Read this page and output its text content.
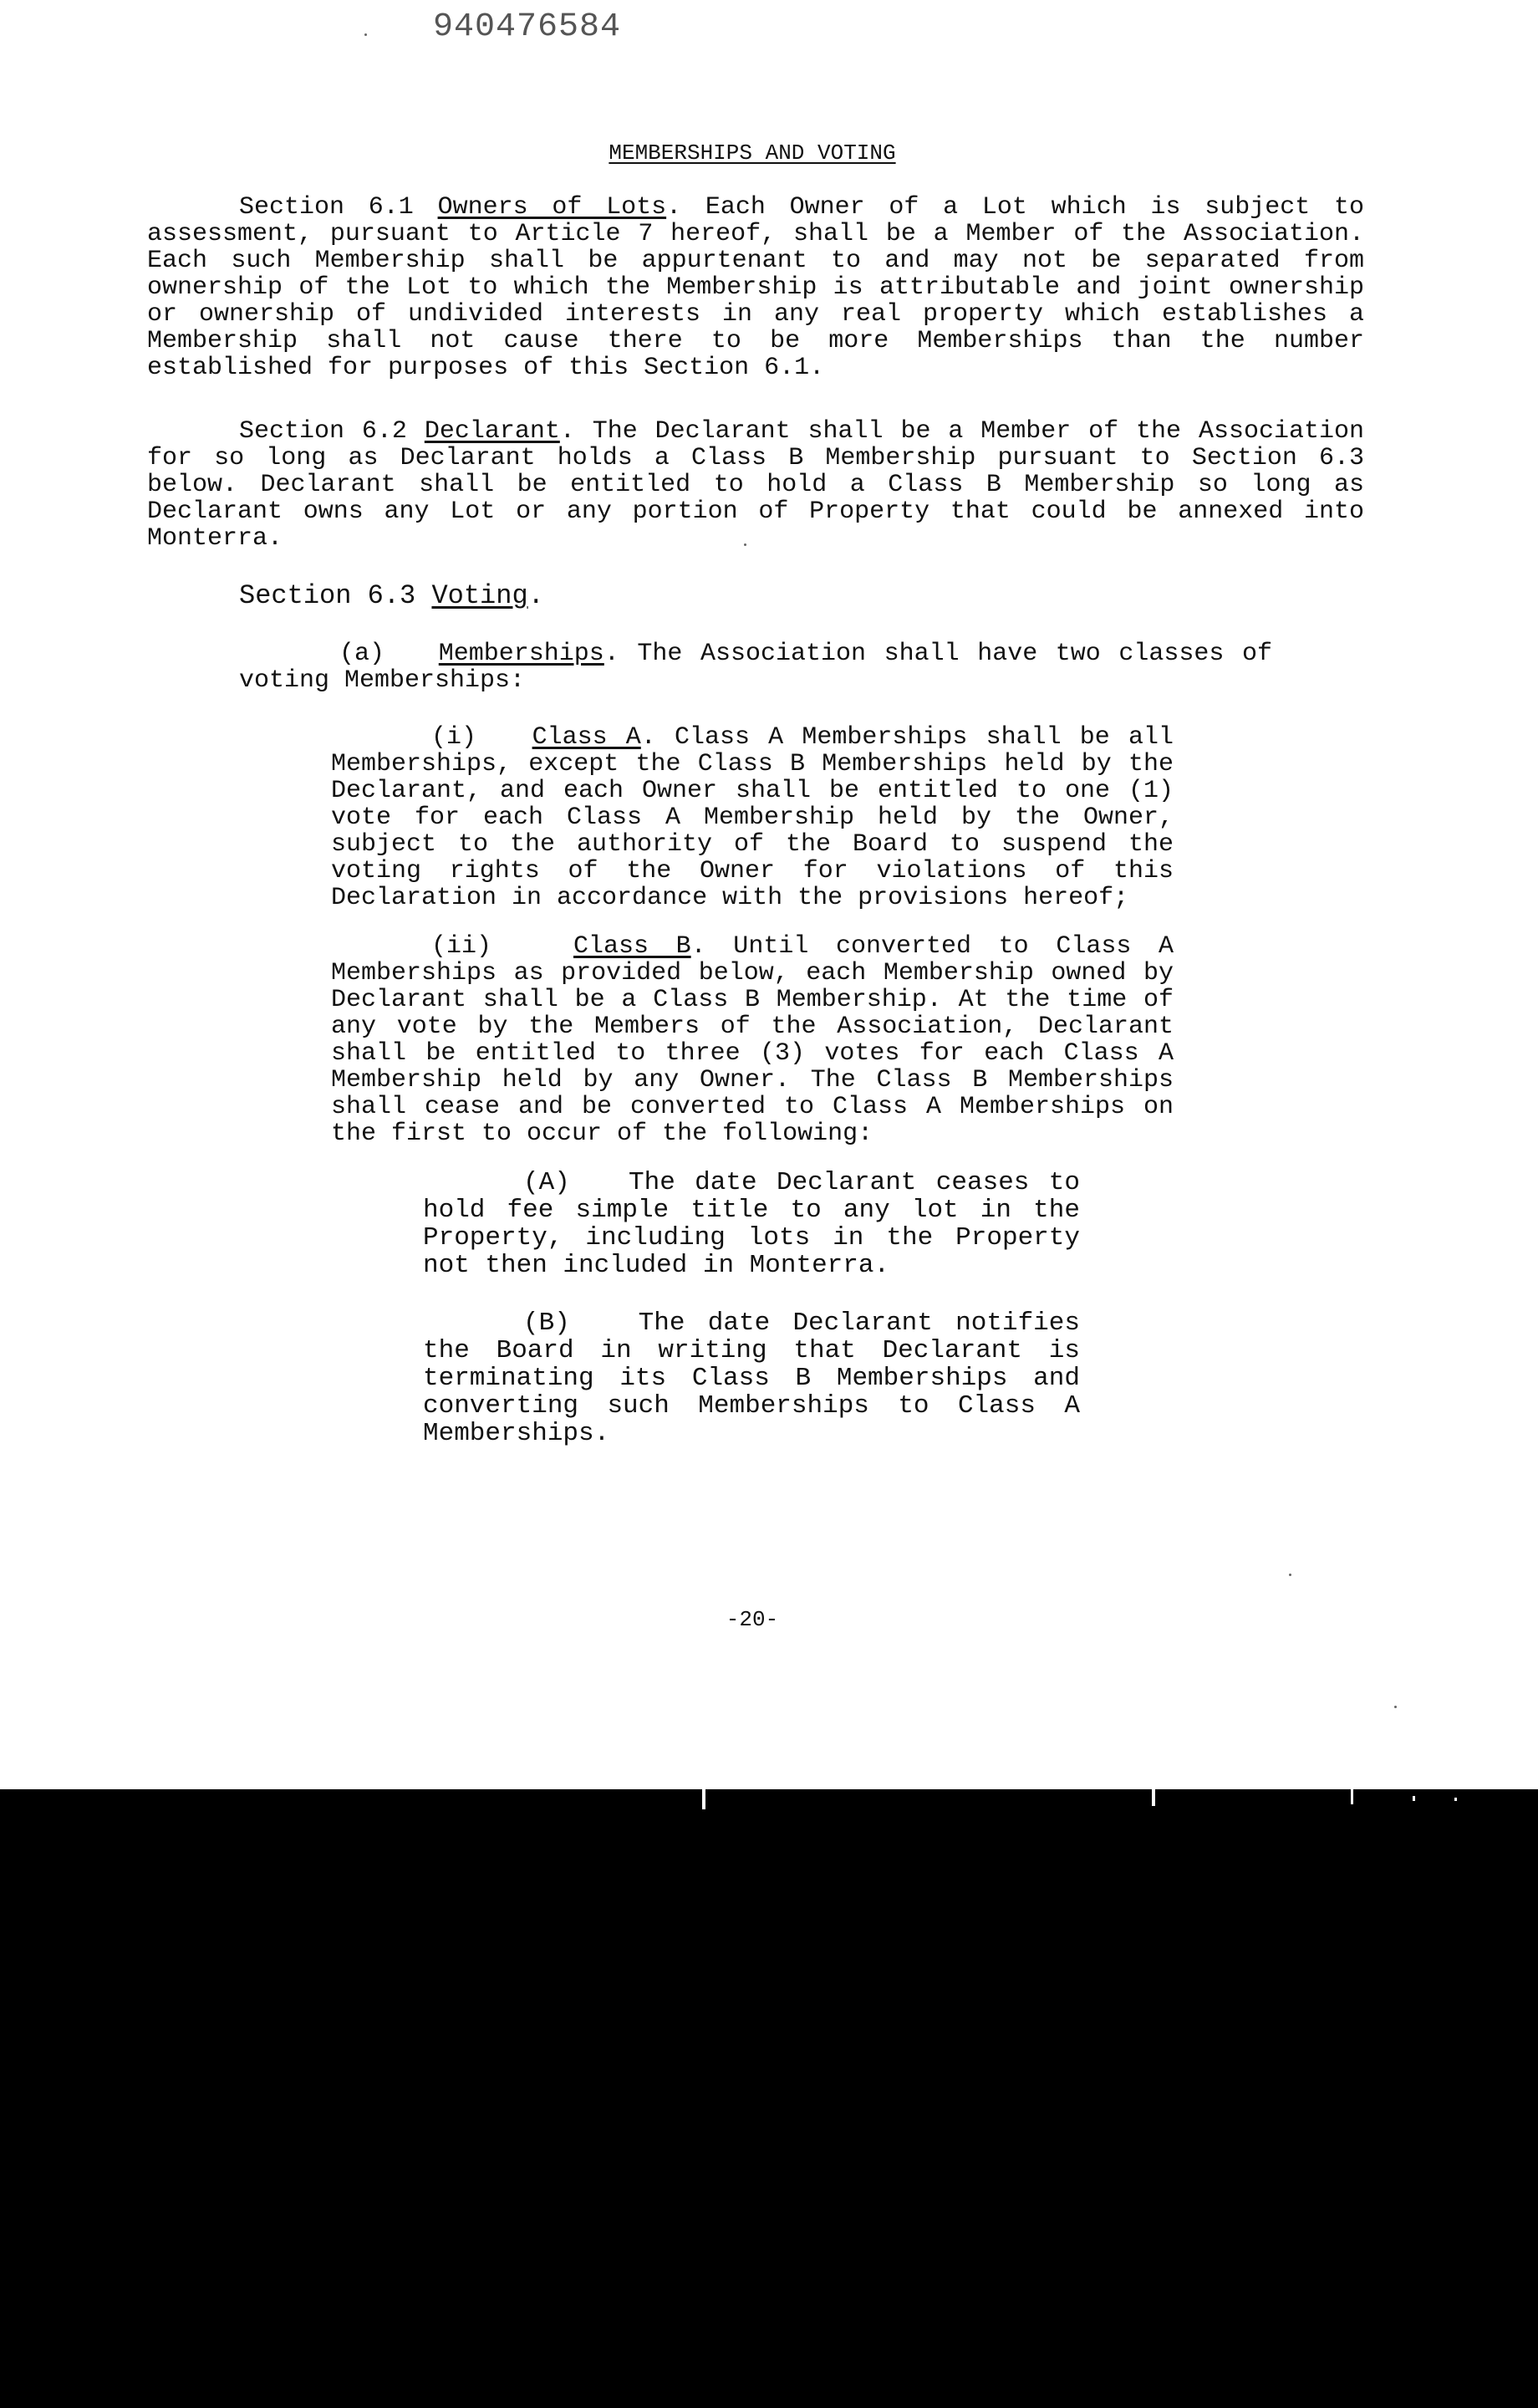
940476584
MEMBERSHIPS AND VOTING

Section 6.1 Owners of Lots. Each Owner of a Lot which is subject to assessment, pursuant to Article 7 hereof, shall be a Member of the Association. Each such Membership shall be appurtenant to and may not be separated from ownership of the Lot to which the Membership is attributable and joint ownership or ownership of undivided interests in any real property which establishes a Membership shall not cause there to be more Memberships than the number established for purposes of this Section 6.1.

Section 6.2 Declarant. The Declarant shall be a Member of the Association for so long as Declarant holds a Class B Membership pursuant to Section 6.3 below. Declarant shall be entitled to hold a Class B Membership so long as Declarant owns any Lot or any portion of Property that could be annexed into Monterra.

Section 6.3 Voting.

(a) Memberships. The Association shall have two classes of voting Memberships:

(i) Class A. Class A Memberships shall be all Memberships, except the Class B Memberships held by the Declarant, and each Owner shall be entitled to one (1) vote for each Class A Membership held by the Owner, subject to the authority of the Board to suspend the voting rights of the Owner for violations of this Declaration in accordance with the provisions hereof;

(ii)	Class B. Until converted to Class A Memberships as provided below, each Membership owned by Declarant shall be a Class B Membership. At the time of any vote by the Members of the Association, Declarant shall be entitled to three (3) votes for each Class A Membership held by any Owner. The Class B Memberships shall cease and be converted to Class A Memberships on the first to occur of the following:

(A) The date Declarant ceases to hold fee simple title to any lot in the Property, including lots in the Property not then included in Monterra.

(B)	The date Declarant notifies the Board in writing that Declarant is terminating its Class B Memberships and converting such Memberships to Class A Memberships.

-20-
